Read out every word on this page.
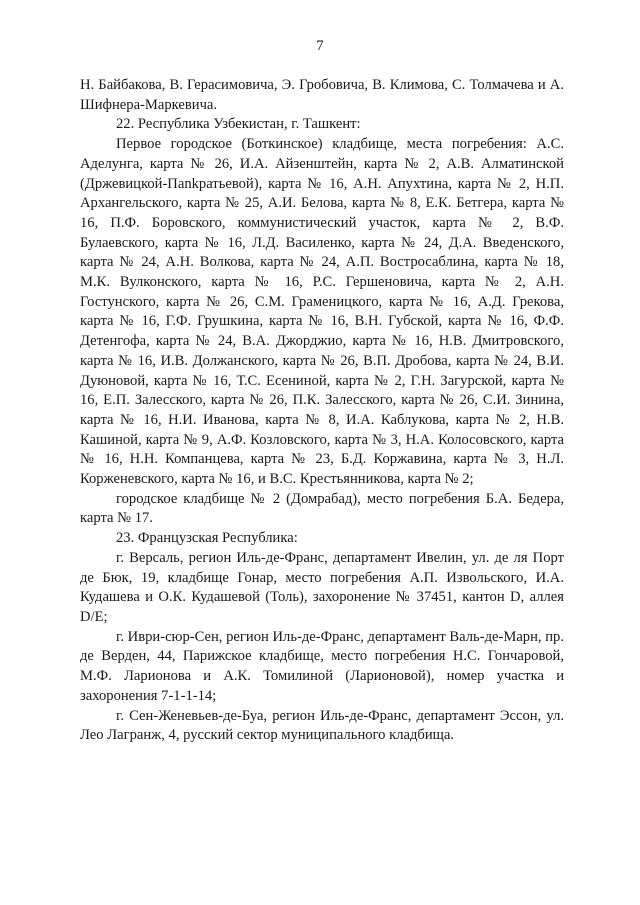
7

Н. Байбакова, В. Герасимовича, Э. Гробовича, В. Климова, С. Толмачева и А. Шифнера-Маркевича.

22. Республика Узбекистан, г. Ташкент:

Первое городское (Боткинское) кладбище, места погребения: А.С. Аделунга, карта № 26, И.А. Айзенштейн, карта № 2, А.В. Алматинской (Држевицкой-Пankpатьевой), карта № 16, А.Н. Апухтина, карта № 2, Н.П. Архангельского, карта № 25, А.И. Белова, карта № 8, Е.К. Бетгера, карта № 16, П.Ф. Боровского, коммунистический участок, карта № 2, В.Ф. Булаевского, карта № 16, Л.Д. Василенко, карта № 24, Д.А. Введенского, карта № 24, А.Н. Волкова, карта № 24, А.П. Востросаблина, карта № 18, М.К. Вулконского, карта № 16, Р.С. Гершеновича, карта № 2, А.Н. Гостунского, карта № 26, С.М. Граменицкого, карта № 16, А.Д. Грекова, карта № 16, Г.Ф. Грушкина, карта № 16, В.Н. Губской, карта № 16, Ф.Ф. Детенгофа, карта № 24, В.А. Джорджио, карта № 16, Н.В. Дмитровского, карта № 16, И.В. Должанского, карта № 26, В.П. Дробова, карта № 24, В.И. Дуюновой, карта № 16, Т.С. Есениной, карта № 2, Г.Н. Загурской, карта № 16, Е.П. Залесского, карта № 26, П.К. Залесского, карта № 26, С.И. Зинина, карта № 16, Н.И. Иванова, карта № 8, И.А. Каблукова, карта № 2, Н.В. Кашиной, карта № 9, А.Ф. Козловского, карта № 3, Н.А. Колосовского, карта № 16, Н.Н. Компанцева, карта № 23, Б.Д. Коржавина, карта № 3, Н.Л. Корженевского, карта № 16, и В.С. Крестьянникова, карта № 2;

городское кладбище № 2 (Домрабад), место погребения Б.А. Бедера, карта № 17.

23. Французская Республика:

г. Версаль, регион Иль-де-Франс, департамент Ивелин, ул. де ля Порт де Бюк, 19, кладбище Гонар, место погребения А.П. Извольского, И.А. Кудашева и О.К. Кудашевой (Толь), захоронение № 37451, кантон D, аллея D/E;

г. Иври-сюр-Сен, регион Иль-де-Франс, департамент Валь-де-Марн, пр. де Верден, 44, Парижское кладбище, место погребения Н.С. Гончаровой, М.Ф. Ларионова и А.К. Томилиной (Ларионовой), номер участка и захоронения 7-1-1-14;

г. Сен-Женевьев-де-Буа, регион Иль-де-Франс, департамент Эссон, ул. Лео Лагранж, 4, русский сектор муниципального кладбища.
